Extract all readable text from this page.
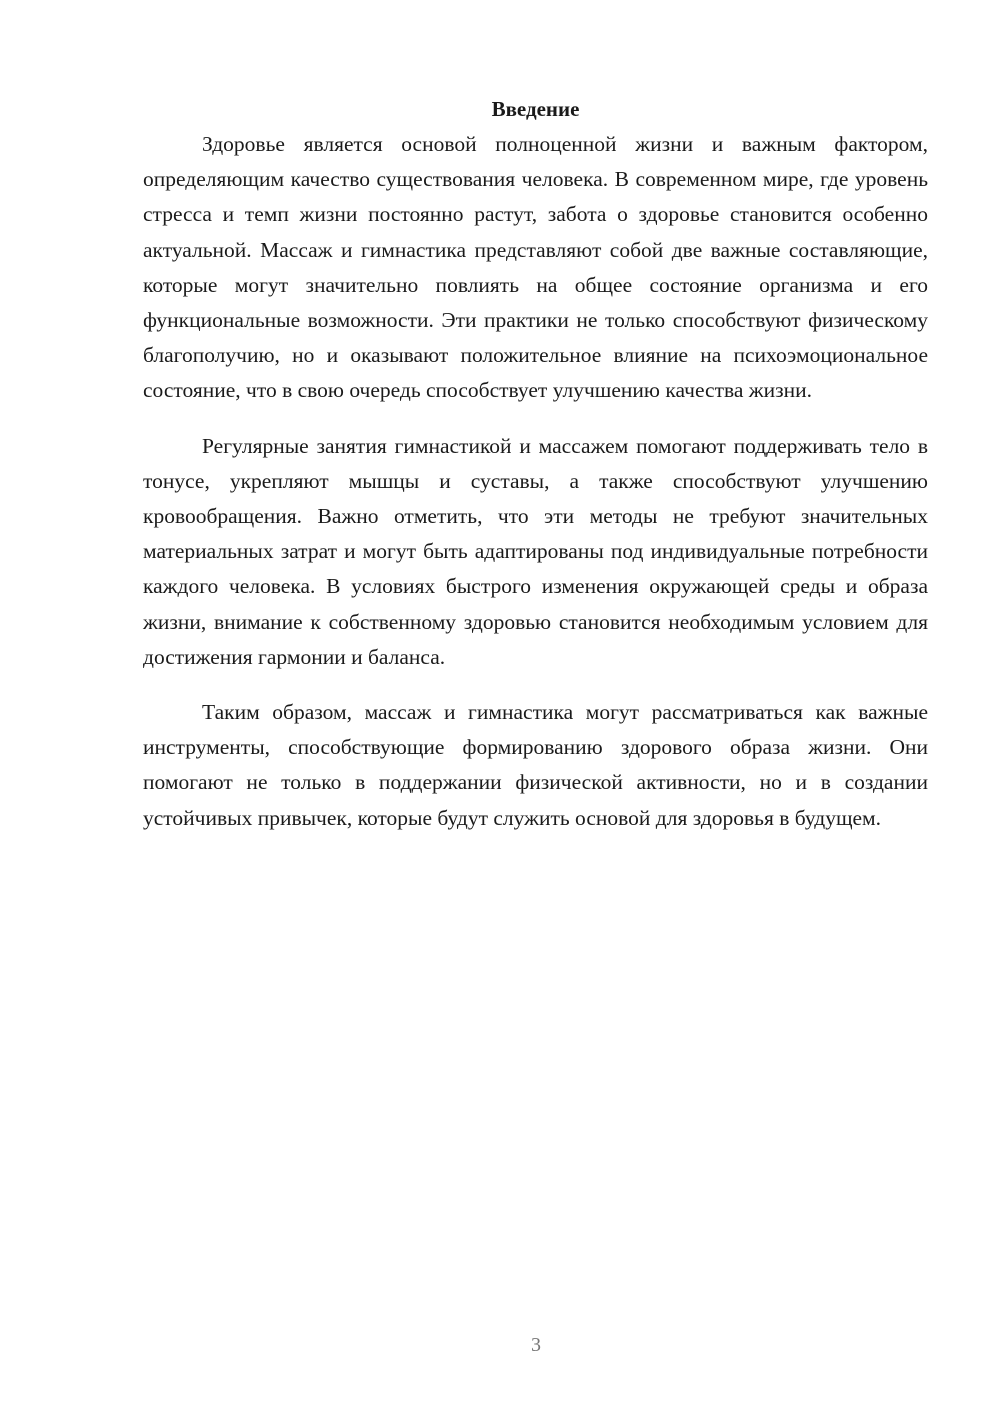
Введение

Здоровье является основой полноценной жизни и важным фактором, определяющим качество существования человека. В современном мире, где уровень стресса и темп жизни постоянно растут, забота о здоровье становится особенно актуальной. Массаж и гимнастика представляют собой две важные составляющие, которые могут значительно повлиять на общее состояние организма и его функциональные возможности. Эти практики не только способствуют физическому благополучию, но и оказывают положительное влияние на психоэмоциональное состояние, что в свою очередь способствует улучшению качества жизни.

Регулярные занятия гимнастикой и массажем помогают поддерживать тело в тонусе, укрепляют мышцы и суставы, а также способствуют улучшению кровообращения. Важно отметить, что эти методы не требуют значительных материальных затрат и могут быть адаптированы под индивидуальные потребности каждого человека. В условиях быстрого изменения окружающей среды и образа жизни, внимание к собственному здоровью становится необходимым условием для достижения гармонии и баланса.

Таким образом, массаж и гимнастика могут рассматриваться как важные инструменты, способствующие формированию здорового образа жизни. Они помогают не только в поддержании физической активности, но и в создании устойчивых привычек, которые будут служить основой для здоровья в будущем.

3
